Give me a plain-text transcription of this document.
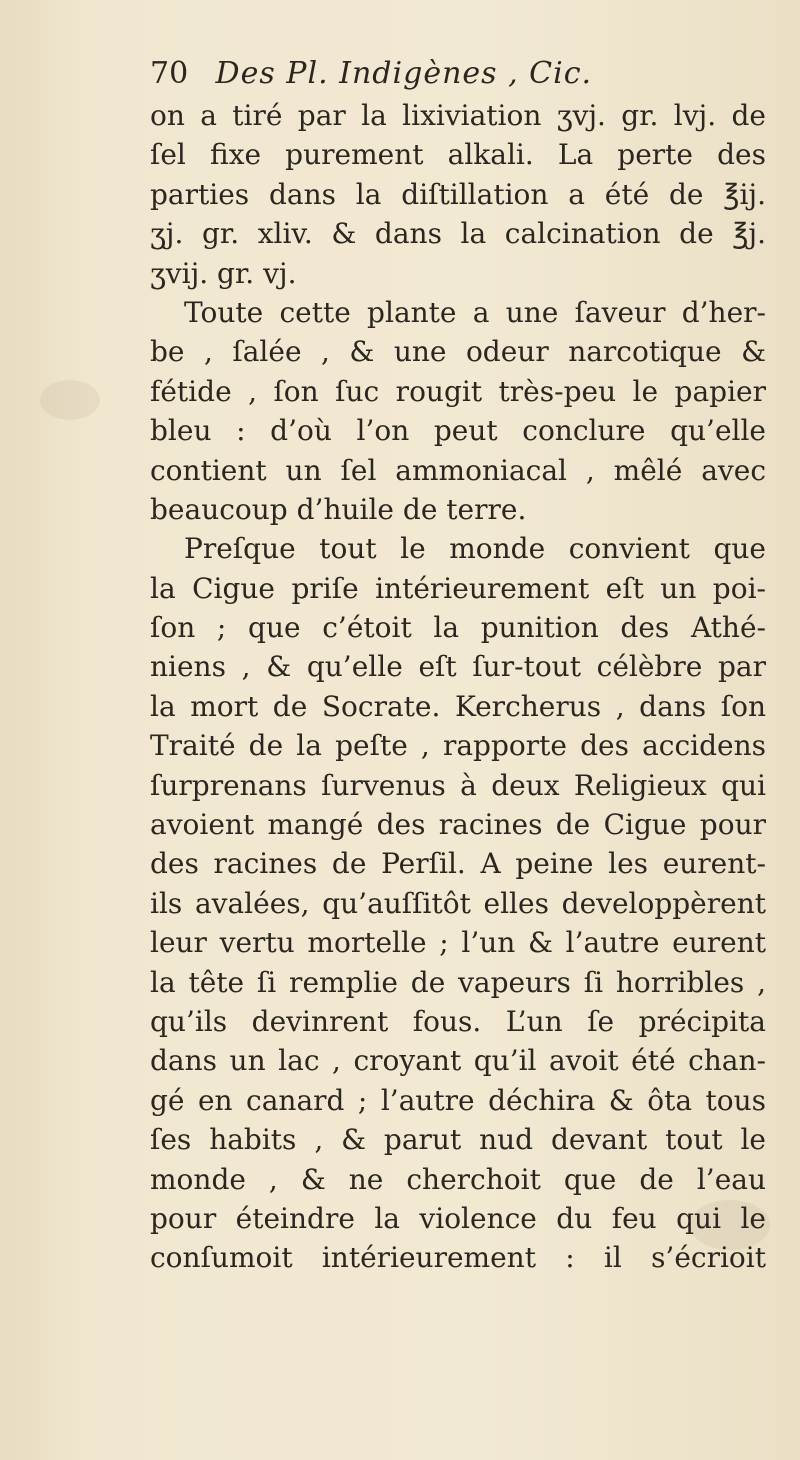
70 Des Pl. Indigènes , Cic.
on a tiré par la lixiviation ʒvj. gr. lvj. de
ſel fixe purement alkali. La perte des
parties dans la diſtillation a été de ℥ij.
ʒj. gr. xliv. & dans la calcination de ℥j.
ʒvij. gr. vj.
Toute cette plante a une ſaveur d’her-
be , ſalée , & une odeur narcotique &
fétide , ſon ſuc rougit très-peu le papier
bleu : d’où l’on peut conclure qu’elle
contient un ſel ammoniacal , mêlé avec
beaucoup d’huile de terre.
Preſque tout le monde convient que
la Cigue priſe intérieurement eſt un poi-
ſon ; que c’étoit la punition des Athé-
niens , & qu’elle eſt ſur-tout célèbre par
la mort de Socrate. Kercherus , dans ſon
Traité de la peſte , rapporte des accidens
ſurprenans ſurvenus à deux Religieux qui
avoient mangé des racines de Cigue pour
des racines de Perſil. A peine les eurent-
ils avalées, qu’auſſitôt elles developpèrent
leur vertu mortelle ; l’un & l’autre eurent
la tête ſi remplie de vapeurs ſi horribles ,
qu’ils devinrent fous. L’un ſe précipita
dans un lac , croyant qu’il avoit été chan-
gé en canard ; l’autre déchira & ôta tous
ſes habits , & parut nud devant tout le
monde , & ne cherchoit que de l’eau
pour éteindre la violence du feu qui le
conſumoit intérieurement : il s’écrioit
